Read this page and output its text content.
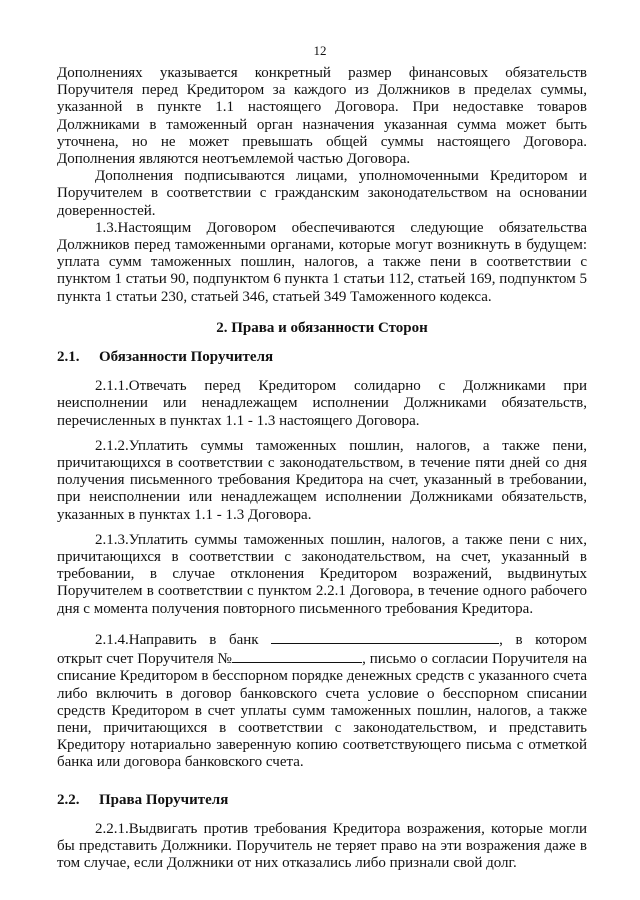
12

Дополнениях указывается конкретный размер финансовых обязательств Поручителя перед Кредитором за каждого из Должников в пределах суммы, указанной в пункте 1.1 настоящего Договора. При недоставке товаров Должниками в таможенный орган назначения указанная сумма может быть уточнена, но не может превышать общей суммы настоящего Договора. Дополнения являются неотъемлемой частью Договора.

Дополнения подписываются лицами, уполномоченными Кредитором и Поручителем в соответствии с гражданским законодательством на основании доверенностей.

1.3.Настоящим Договором обеспечиваются следующие обязательства Должников перед таможенными органами, которые могут возникнуть в будущем: уплата сумм таможенных пошлин, налогов, а также пени в соответствии с пунктом 1 статьи 90, подпунктом 6 пункта 1 статьи 112, статьей 169, подпунктом 5 пункта 1 статьи 230, статьей 346, статьей 349 Таможенного кодекса.

2. Права и обязанности Сторон
2.1. Обязанности Поручителя

2.1.1.Отвечать перед Кредитором солидарно с Должниками при неисполнении или ненадлежащем исполнении Должниками обязательств, перечисленных в пунктах 1.1 - 1.3 настоящего Договора.

2.1.2.Уплатить суммы таможенных пошлин, налогов, а также пени, причитающихся в соответствии с законодательством, в течение пяти дней со дня получения письменного требования Кредитора на счет, указанный в требовании, при неисполнении или ненадлежащем исполнении Должниками обязательств, указанных в пунктах 1.1 - 1.3 Договора.

2.1.3.Уплатить суммы таможенных пошлин, налогов, а также пени с них, причитающихся в соответствии с законодательством, на счет, указанный в требовании, в случае отклонения Кредитором возражений, выдвинутых Поручителем в соответствии с пунктом 2.2.1 Договора, в течение одного рабочего дня с момента получения повторного письменного требования Кредитора.

2.1.4.Направить в банк	, в котором открыт счет Поручителя №	, письмо о согласии Поручителя на списание Кредитором в бесспорном порядке денежных средств с указанного счета либо включить в договор банковского счета условие о бесспорном списании средств Кредитором в счет уплаты сумм таможенных пошлин, налогов, а также пени, причитающихся в соответствии с законодательством, и представить Кредитору нотариально заверенную копию соответствующего письма с отметкой банка или договора банковского счета.

2.2. Права Поручителя

2.2.1.Выдвигать против требования Кредитора возражения, которые могли бы представить Должники. Поручитель не теряет право на эти возражения даже в том случае, если Должники от них отказались либо признали свой долг.
